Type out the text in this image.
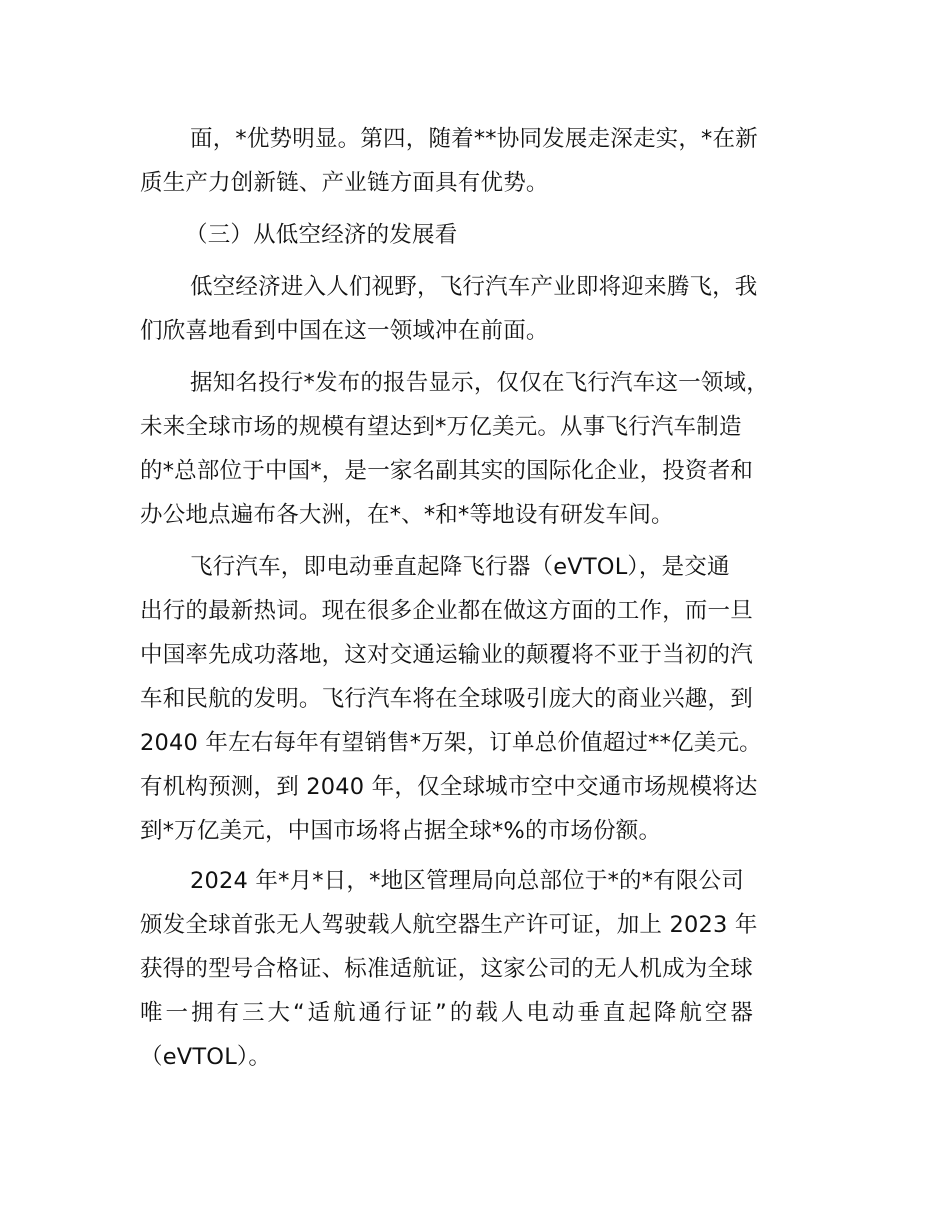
面，*优势明显。第四，随着**协同发展走深走实，*在新
质生产力创新链、产业链方面具有优势。
（三）从低空经济的发展看
低空经济进入人们视野，飞行汽车产业即将迎来腾飞，我
们欣喜地看到中国在这一领域冲在前面。
据知名投行*发布的报告显示，仅仅在飞行汽车这一领域，
未来全球市场的规模有望达到*万亿美元。从事飞行汽车制造
的*总部位于中国*，是一家名副其实的国际化企业，投资者和
办公地点遍布各大洲，在*、*和*等地设有研发车间。
飞行汽车，即电动垂直起降飞行器（eVTOL），是交通
出行的最新热词。现在很多企业都在做这方面的工作，而一旦
中国率先成功落地，这对交通运输业的颠覆将不亚于当初的汽
车和民航的发明。飞行汽车将在全球吸引庞大的商业兴趣，到
2040 年左右每年有望销售*万架，订单总价值超过**亿美元。
有机构预测，到 2040 年，仅全球城市空中交通市场规模将达
到*万亿美元，中国市场将占据全球*%的市场份额。
2024 年*月*日，*地区管理局向总部位于*的*有限公司
颁发全球首张无人驾驶载人航空器生产许可证，加上 2023 年
获得的型号合格证、标准适航证，这家公司的无人机成为全球
唯一拥有三大“适航通行证”的载人电动垂直起降航空器
（eVTOL）。
